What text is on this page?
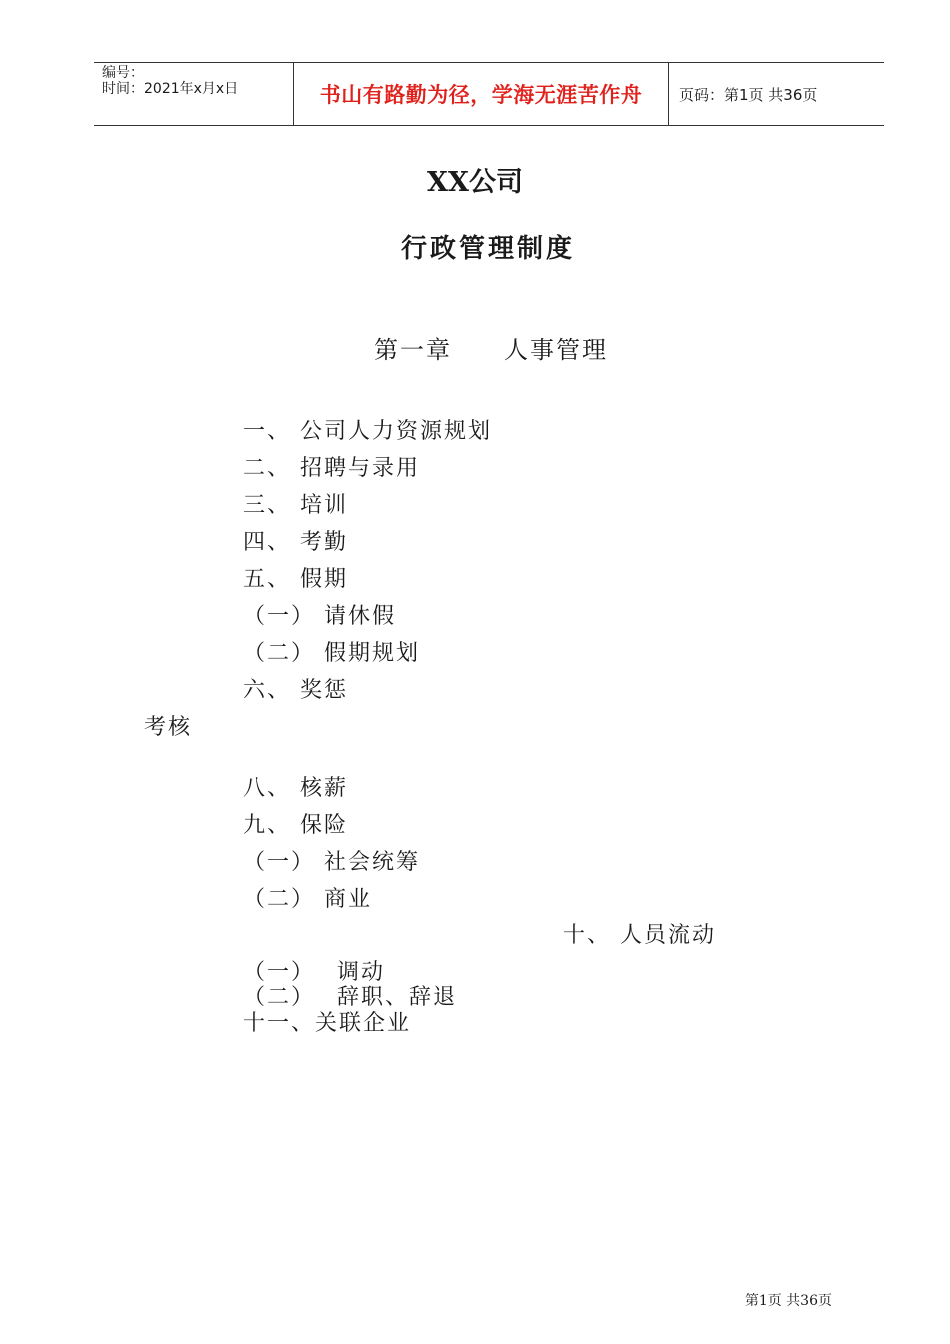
编号：
时间：2021年x月x日	书山有路勤为径，学海无涯苦作舟	页码：第1页 共36页
XX公司
行政管理制度
第一章 人事管理
一、 公司人力资源规划
二、 招聘与录用
三、 培训
四、 考勤
五、 假期
（一） 请休假
（二） 假期规划
六、 奖惩
考核
八、 核薪
九、 保险
（一） 社会统筹
（二） 商业
十、 人员流动
（一）　 调动
（二）　 辞职、辞退
十一、关联企业
第1页 共36页
